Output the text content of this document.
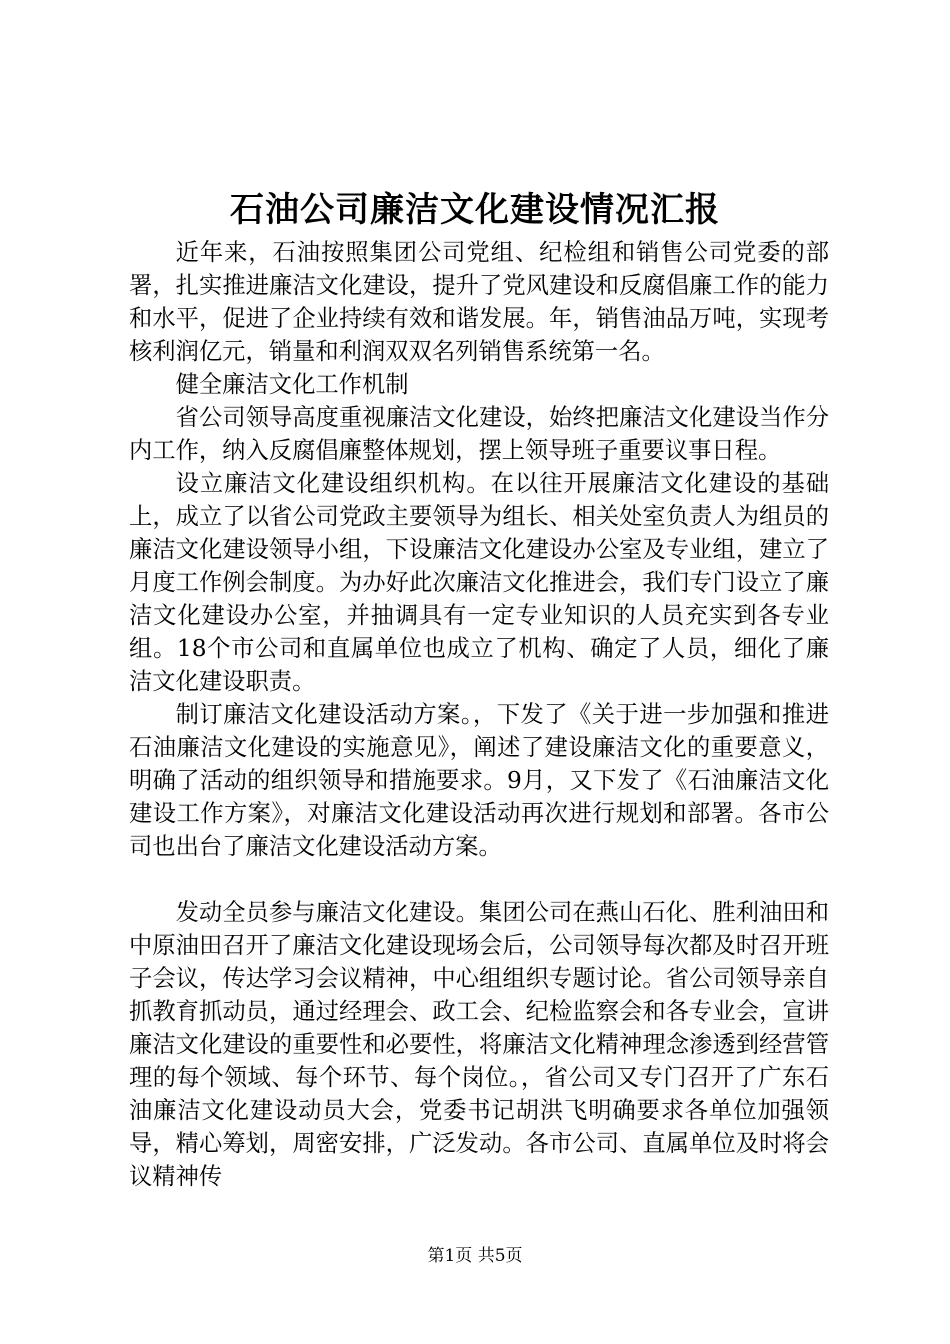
石油公司廉洁文化建设情况汇报

近年来，石油按照集团公司党组、纪检组和销售公司党委的部署，扎实推进廉洁文化建设，提升了党风建设和反腐倡廉工作的能力和水平，促进了企业持续有效和谐发展。年，销售油品万吨，实现考核利润亿元，销量和利润双双名列销售系统第一名。

健全廉洁文化工作机制

省公司领导高度重视廉洁文化建设，始终把廉洁文化建设当作分内工作，纳入反腐倡廉整体规划，摆上领导班子重要议事日程。

设立廉洁文化建设组织机构。在以往开展廉洁文化建设的基础上，成立了以省公司党政主要领导为组长、相关处室负责人为组员的廉洁文化建设领导小组，下设廉洁文化建设办公室及专业组，建立了月度工作例会制度。为办好此次廉洁文化推进会，我们专门设立了廉洁文化建设办公室，并抽调具有一定专业知识的人员充实到各专业组。18个市公司和直属单位也成立了机构、确定了人员，细化了廉洁文化建设职责。

制订廉洁文化建设活动方案。，下发了《关于进一步加强和推进石油廉洁文化建设的实施意见》，阐述了建设廉洁文化的重要意义，明确了活动的组织领导和措施要求。9月，又下发了《石油廉洁文化建设工作方案》，对廉洁文化建设活动再次进行规划和部署。各市公司也出台了廉洁文化建设活动方案。

发动全员参与廉洁文化建设。集团公司在燕山石化、胜利油田和中原油田召开了廉洁文化建设现场会后，公司领导每次都及时召开班子会议，传达学习会议精神，中心组组织专题讨论。省公司领导亲自抓教育抓动员，通过经理会、政工会、纪检监察会和各专业会，宣讲廉洁文化建设的重要性和必要性，将廉洁文化精神理念渗透到经营管理的每个领域、每个环节、每个岗位。，省公司又专门召开了广东石油廉洁文化建设动员大会，党委书记胡洪飞明确要求各单位加强领导，精心筹划，周密安排，广泛发动。各市公司、直属单位及时将会议精神传

第1页 共5页
